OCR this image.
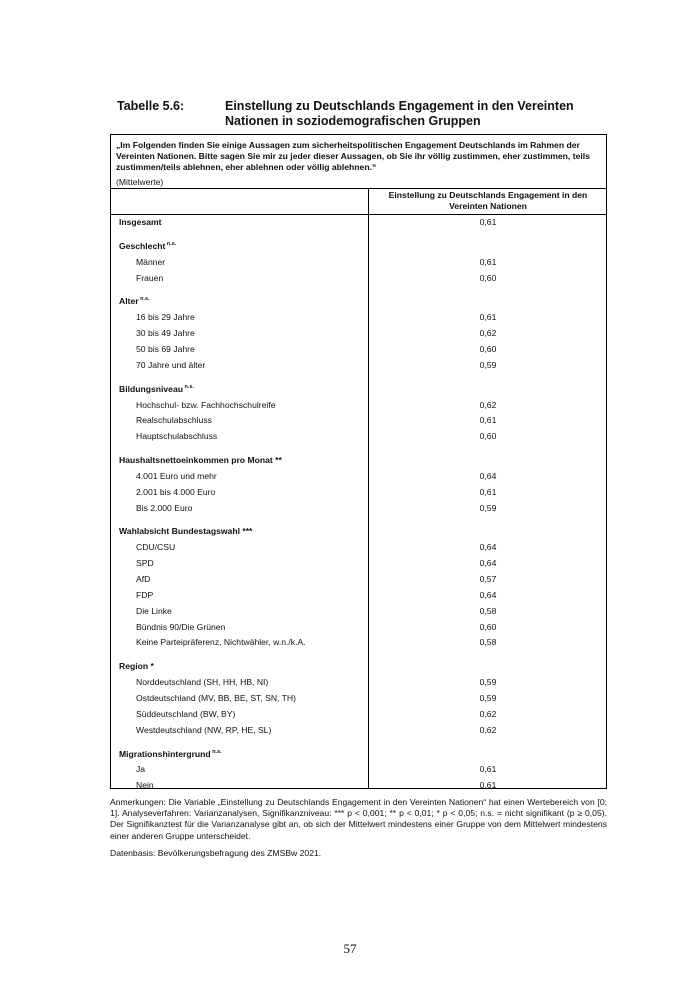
Tabelle 5.6:	Einstellung zu Deutschlands Engagement in den Vereinten Nationen in soziodemografischen Gruppen
„Im Folgenden finden Sie einige Aussagen zum sicherheitspolitischen Engagement Deutschlands im Rahmen der Vereinten Nationen. Bitte sagen Sie mir zu jeder dieser Aussagen, ob Sie ihr völlig zustimmen, eher zustimmen, teils zustimmen/teils ablehnen, eher ablehnen oder völlig ablehnen.“
(Mittelwerte)
Einstellung zu Deutschlands Engagement in den Vereinten Nationen
Insgesamt	0,61
Geschlecht $^{n.s.}$
Männer	0,61
Frauen	0,60
Alter $^{n.s.}$
16 bis 29 Jahre	0,61
30 bis 49 Jahre	0,62
50 bis 69 Jahre	0,60
70 Jahre und älter	0,59
Bildungsniveau $^{n.s.}$
Hochschul- bzw. Fachhochschulreife	0,62
Realschulabschluss	0,61
Hauptschulabschluss	0,60
Haushaltsnettoeinkommen pro Monat **
4.001 Euro und mehr	0,64
2.001 bis 4.000 Euro	0,61
Bis 2.000 Euro	0,59
Wahlabsicht Bundestagswahl ***
CDU/CSU	0,64
SPD	0,64
AfD	0,57
FDP	0,64
Die Linke	0,58
Bündnis 90/Die Grünen	0,60
Keine Parteipräferenz, Nichtwähler, w.n./k.A.	0,58
Region *
Norddeutschland (SH, HH, HB, NI)	0,59
Ostdeutschland (MV, BB, BE, ST, SN, TH)	0,59
Süddeutschland (BW, BY)	0,62
Westdeutschland (NW, RP, HE, SL)	0,62
Migrationshintergrund $^{n.s.}$
Ja	0,61
Nein	0,61
Anmerkungen: Die Variable „Einstellung zu Deutschlands Engagement in den Vereinten Nationen“ hat einen Wertebereich von [0; 1]. Analyseverfahren: Varianzanalysen, Signifikanzniveau: *** p < 0,001; ** p < 0,01; * p < 0,05; n.s. = nicht signifikant (p ≥ 0,05). Der Signifikanztest für die Varianzanalyse gibt an, ob sich der Mittelwert mindestens einer Gruppe von dem Mittelwert mindestens einer anderen Gruppe unterscheidet.
Datenbasis: Bevölkerungsbefragung des ZMSBw 2021.
57
